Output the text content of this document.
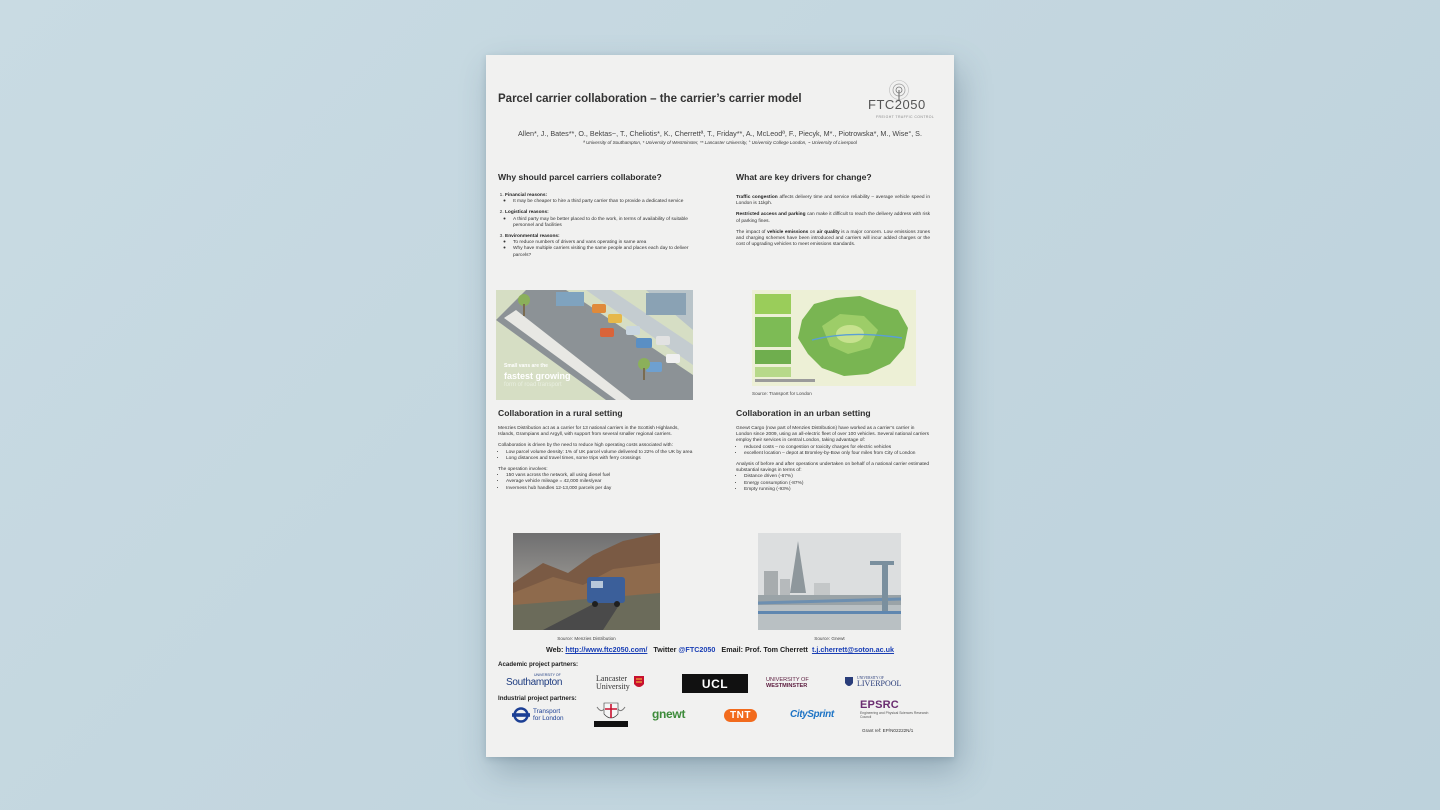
Parcel carrier collaboration – the carrier’s carrier model	FTC2050
FREIGHT TRAFFIC CONTROL
Allen*, J., Bates**, O., Bektas~, T., Cheliotis*, K., Cherrettª, T., Friday**, A., McLeodª, F., Piecyk, M*., Piotrowska*, M., Wise°, S.
ª University of Southampton, * University of Westminster, ** Lancaster University, ° University College London, ~ University of Liverpool
Why should parcel carriers collaborate?
1. Financial reasons:
◦ It may be cheaper to hire a third party carrier than to provide a dedicated service
2. Logistical reasons:
◦ A third party may be better placed to do the work, in terms of availability of suitable personnel and facilities
3. Environmental reasons:
◦ To reduce numbers of drivers and vans operating in same area
◦ Why have multiple carriers visiting the same people and places each day to deliver parcels?
Small vans are the
fastest growing
form of road transport
What are key drivers for change?

Traffic congestion affects delivery time and service reliability – average vehicle speed in London is 11kph.

Restricted access and parking can make it difficult to reach the delivery address with risk of parking fines.

The impact of vehicle emissions on air quality is a major concern. Low emissions zones and charging schemes have been introduced and carriers will incur added charges or the cost of upgrading vehicles to meet emissions standards.

Source: Transport for London
Collaboration in a rural setting

Menzies Distribution act as a carrier for 13 national carriers in the Scottish Highlands, Islands, Grampians and Argyll, with support from several smaller regional carriers.

Collaboration is driven by the need to reduce high operating costs associated with:

• Low parcel volume density: 1% of UK parcel volume delivered to 22% of the UK by area
• Long distances and travel times, some trips with ferry crossings

The operation involves:

• 150 vans across the network, all using diesel fuel
• Average vehicle mileage = 42,000 miles/year
• Inverness hub handles 12-13,000 parcels per day
Source: Menzies Distribution
Collaboration in an urban setting

Gnewt Cargo (now part of Menzies Distribution) have worked as a carrier’s carrier in London since 2009, using an all-electric fleet of over 100 vehicles. Several national carriers employ their services in central London, taking advantage of:

• reduced costs – no congestion or toxicity charges for electric vehicles
• excellent location – depot at Bromley-by-Bow only four miles from City of London

Analysis of before and after operations undertaken on behalf of a national carrier estimated substantial savings in terms of:

• Distance driven (-67%)
• Energy consumption (-87%)
• Empty running (-93%)
Source: Gnewt
Web: http://www.ftc2050.com/ Twitter @FTC2050 Email: Prof. Tom Cherrett t.j.cherrett@soton.ac.uk
Academic project partners:
UNIVERSITY OF
Southampton	Lancaster
University	UCL	UNIVERSITY OF
WESTMINSTER
UNIVERSITY OF
LIVERPOOL
Industrial project partners:
Transport
for London	gnewt	TNT	CitySprint
EPSRC
Engineering and Physical Sciences Research Council
Grant ref: EP/N02222N/1
